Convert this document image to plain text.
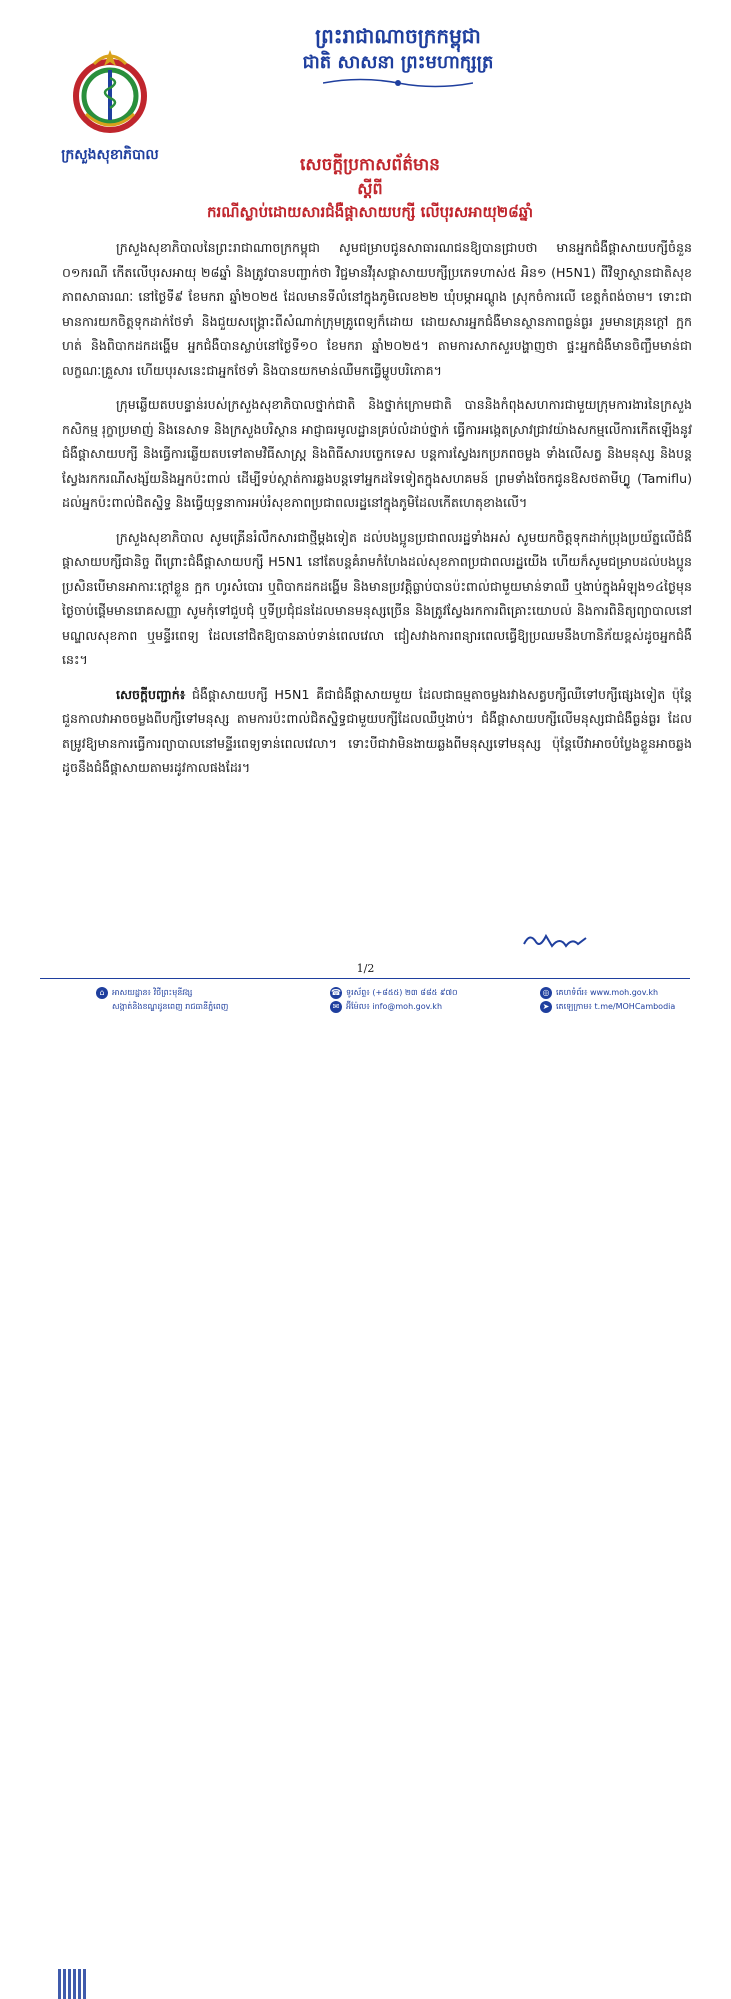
ក្រសួងសុខាភិបាល
ព្រះរាជាណាចក្រកម្ពុជា
ជាតិ សាសនា ព្រះមហាក្សត្រ
សេចក្តីប្រកាសព័ត៌មាន
ស្តីពី
ករណីស្លាប់ដោយសារជំងឺផ្តាសាយបក្សី លើបុរសអាយុ២៨ឆ្នាំ

ក្រសួងសុខាភិបាលនៃព្រះរាជាណាចក្រកម្ពុជា សូមជម្រាបជូនសាធារណជនឱ្យបានជ្រាបថា មានអ្នកជំងឺផ្តាសាយបក្សីចំនួន ០១ករណី កើតលើបុរសអាយុ ២៨ឆ្នាំ និងត្រូវបានបញ្ជាក់ថា វិជ្ជមានវីរុសផ្តាសាយបក្សីប្រភេទហាស់៥ អិន១ (H5N1) ពីវិទ្យាស្ថានជាតិសុខភាពសាធារណៈ នៅថ្ងៃទី៩ ខែមករា ឆ្នាំ២០២៥ ដែលមានទីលំនៅក្នុងភូមិលេខ២២ ឃុំបម្កាអណ្តូង ស្រុកចំការលើ ខេត្តកំពង់ចាម។ ទោះជាមានការយកចិត្តទុកដាក់ថែទាំ និងជួយសង្គ្រោះពីសំណាក់ក្រុមគ្រូពេទ្យក៏ដោយ ដោយសារអ្នកជំងឺមានស្ថានភាពធ្ងន់ធ្ងរ រួមមានគ្រុនក្តៅ ក្អក ហត់ និងពិបាកដកដង្ហើម អ្នកជំងឺបានស្លាប់នៅថ្ងៃទី១០ ខែមករា ឆ្នាំ២០២៥។ តាមការសាកសួរបង្ហាញថា ផ្ទះអ្នកជំងឺមានចិញ្ចឹមមាន់ជាលក្ខណៈគ្រួសារ ហើយបុរសនេះជាអ្នកថែទាំ និងបានយកមាន់ឈឺមកធ្វើម្ហូបបរិភោគ។

ក្រុមឆ្លើយតបបន្ទាន់របស់ក្រសួងសុខាភិបាលថ្នាក់ជាតិ និងថ្នាក់ក្រោមជាតិ បាននិងកំពុងសហការជាមួយក្រុមការងារនៃក្រសួងកសិកម្ម រុក្ខាប្រមាញ់ និងនេសាទ និងក្រសួងបរិស្ថាន អាជ្ញាធរមូលដ្ឋានគ្រប់លំដាប់ថ្នាក់ ធ្វើការអង្កេតស្រាវជ្រាវយ៉ាងសកម្មលើការកើតឡើងនូវជំងឺផ្តាសាយបក្សី និងធ្វើការឆ្លើយតបទៅតាមវិធីសាស្ត្រ និងពិធីសារបច្ចេកទេស បន្តការស្វែងរកប្រភពចម្លង ទាំងលើសត្វ និងមនុស្ស និងបន្តស្វែងរកករណីសង្ស័យនិងអ្នកប៉ះពាល់ ដើម្បីទប់ស្កាត់ការឆ្លងបន្តទៅអ្នកដទៃទៀតក្នុងសហគមន៍ ព្រមទាំងចែកជូនឱសថតាមីហ្វ្លូ (Tamiflu) ដល់អ្នកប៉ះពាល់ជិតស្និទ្ធ និងធ្វើយុទ្ធនាការអប់រំសុខភាពប្រជាពលរដ្ឋនៅក្នុងភូមិដែលកើតហេតុខាងលើ។

ក្រសួងសុខាភិបាល សូមគ្រើនរំលឹកសារជាថ្មីម្តងទៀត ដល់បងប្អូនប្រជាពលរដ្ឋទាំងអស់ សូមយកចិត្តទុកដាក់ប្រុងប្រយ័ត្នលើជំងឺផ្តាសាយបក្សីជានិច្ច ពីព្រោះជំងឺផ្តាសាយបក្សី H5N1 នៅតែបន្តគំរាមកំហែងដល់សុខភាពប្រជាពលរដ្ឋយើង ហើយក៏សូមជម្រាបដល់បងប្អូន ប្រសិនបើមានអាការៈក្តៅខ្លួន ក្អក ហូរសំបោរ ឬពិបាកដកដង្ហើម និងមានប្រវត្តិធ្លាប់បានប៉ះពាល់ជាមួយមាន់ទាឈឺ ឬងាប់ក្នុងអំឡុង១៤ថ្ងៃមុនថ្ងៃចាប់ផ្តើមមានរោគសញ្ញា សូមកុំទៅជួបជុំ ឬទីប្រជុំជនដែលមានមនុស្សច្រើន និងត្រូវស្វែងរកការពិគ្រោះយោបល់ និងការពិនិត្យព្យាបាលនៅមណ្ឌលសុខភាព ឬមន្ទីរពេទ្យ ដែលនៅជិតឱ្យបានឆាប់ទាន់ពេលវេលា ជៀសវាងការពន្យារពេលធ្វើឱ្យប្រឈមនឹងហានិភ័យខ្ពស់ដូចអ្នកជំងឺនេះ។

សេចក្តីបញ្ជាក់៖ ជំងឺផ្តាសាយបក្សី H5N1 គឺជាជំងឺផ្តាសាយមួយ ដែលជាធម្មតាចម្លងរវាងសត្វបក្សីឈឺទៅបក្សីផ្សេងទៀត ប៉ុន្តែជួនកាលវាអាចចម្លងពីបក្សីទៅមនុស្ស តាមការប៉ះពាល់ជិតស្និទ្ធជាមួយបក្សីដែលឈឺឬងាប់។ ជំងឺផ្តាសាយបក្សីលើមនុស្សជាជំងឺធ្ងន់ធ្ងរ ដែលតម្រូវឱ្យមានការធ្វើការព្យាបាលនៅមន្ទីរពេទ្យទាន់ពេលវេលា។ ទោះបីជាវាមិនងាយឆ្លងពីមនុស្សទៅមនុស្ស ប៉ុន្តែបើវាអាចបំប្លែងខ្លួនអាចឆ្លង ដូចនឹងជំងឺផ្តាសាយតាមរដូវកាលផងដែរ។

1/2
⌂ អាសយដ្ឋាន៖ វិថីព្រះមុនីវង្ស
សង្កាត់និងខណ្ឌដូនពេញ រាជធានីភ្នំពេញ
☎ ទូរស័ព្ទ៖ (+៨៥៥) ២៣ ៨៨៥ ៩៧០
✉ អ៊ីម៉ែល៖ info@moh.gov.kh
◎ គេហទំព័រ៖ www.moh.gov.kh
➤ តេឡេក្រាម៖ t.me/MOHCambodia
